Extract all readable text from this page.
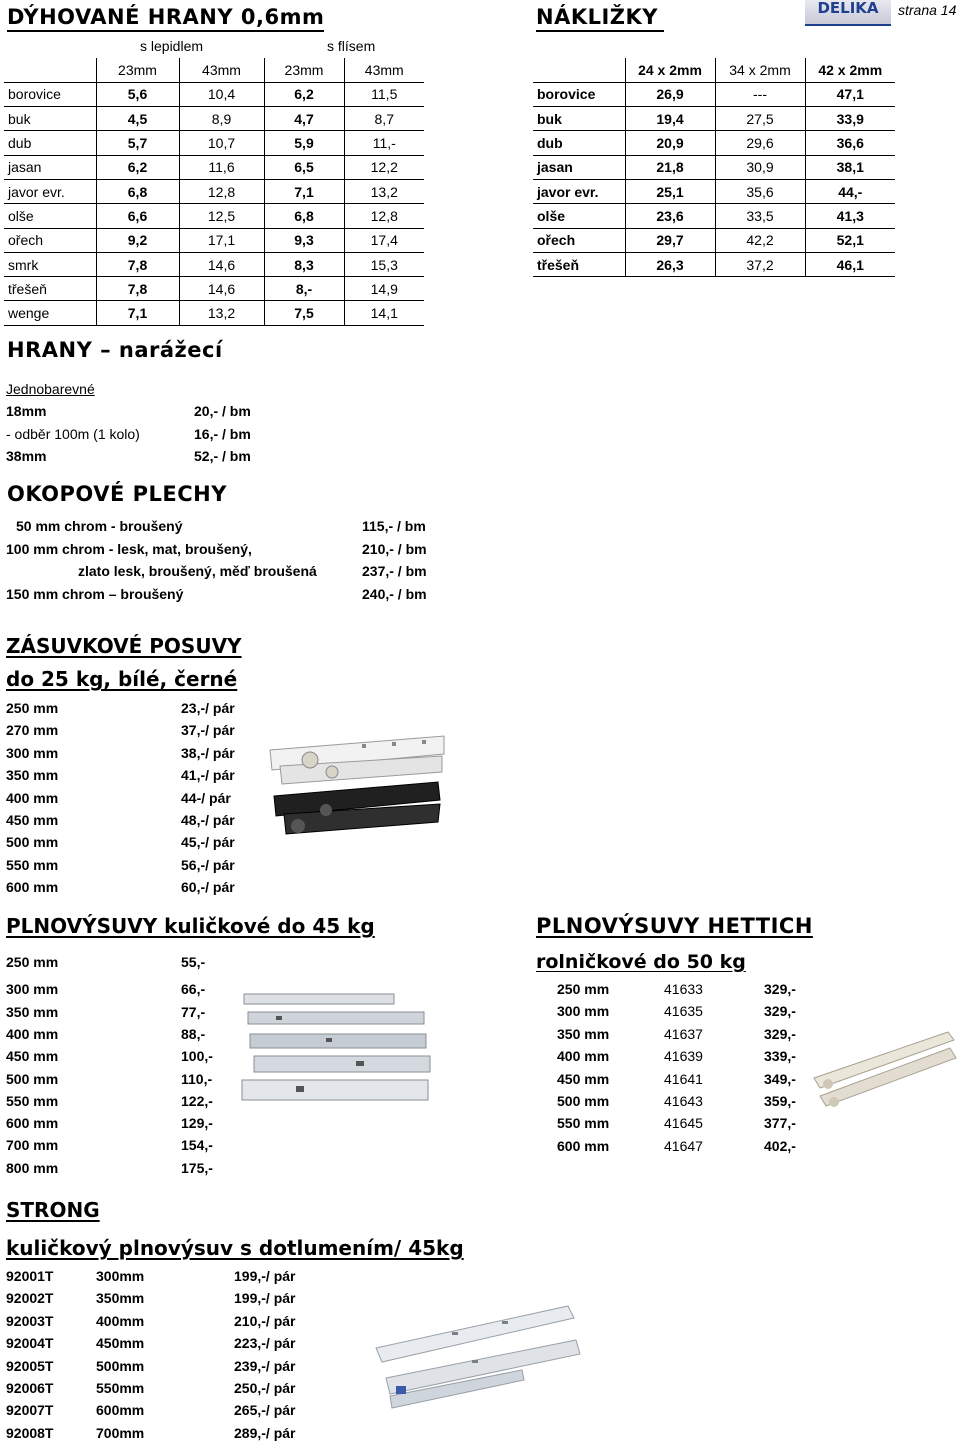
DÝHOVANÉ HRANY 0,6mm
s lepidlem	s flísem
	23mm	43mm	23mm	43mm
borovice	5,6	10,4	6,2	11,5
buk	4,5	8,9	4,7	8,7
dub	5,7	10,7	5,9	11,-
jasan	6,2	11,6	6,5	12,2
javor evr.	6,8	12,8	7,1	13,2
olše	6,6	12,5	6,8	12,8
ořech	9,2	17,1	9,3	17,4
smrk	7,8	14,6	8,3	15,3
třešeň	7,8	14,6	8,-	14,9
wenge	7,1	13,2	7,5	14,1
NÁKLIŽKY	DELIKA	strana 14
	24 x 2mm	34 x 2mm	42 x 2mm
borovice	26,9	---	47,1
buk	19,4	27,5	33,9
dub	20,9	29,6	36,6
jasan	21,8	30,9	38,1
javor evr.	25,1	35,6	44,-
olše	23,6	33,5	41,3
ořech	29,7	42,2	52,1
třešeň	26,3	37,2	46,1
HRANY – narážecí
Jednobarevné
18mm	20,- / bm
- odběr 100m (1 kolo)	16,- / bm
38mm	52,- / bm
OKOPOVÉ PLECHY
50 mm chrom - broušený	115,- / bm
100 mm chrom - lesk, mat, broušený,	210,- / bm
zlato lesk, broušený, měď broušená	237,- / bm
150 mm chrom – broušený	240,- / bm
ZÁSUVKOVÉ POSUVY
do 25 kg, bílé, černé
250 mm	23,-/ pár
270 mm	37,-/ pár
300 mm	38,-/ pár
350 mm	41,-/ pár
400 mm	44-/ pár
450 mm	48,-/ pár
500 mm	45,-/ pár
550 mm	56,-/ pár
600 mm	60,-/ pár
PLNOVÝSUVY kuličkové do 45 kg
250 mm	55,-
300 mm	66,-
350 mm	77,-
400 mm	88,-
450 mm	100,-
500 mm	110,-
550 mm	122,-
600 mm	129,-
700 mm	154,-
800 mm	175,-
PLNOVÝSUVY HETTICH
rolničkové do 50 kg
250 mm	41633	329,-
300 mm	41635	329,-
350 mm	41637	329,-
400 mm	41639	339,-
450 mm	41641	349,-
500 mm	41643	359,-
550 mm	41645	377,-
600 mm	41647	402,-
STRONG
kuličkový plnovýsuv s dotlumením/ 45kg
92001T	300mm	199,-/ pár
92002T	350mm	199,-/ pár
92003T	400mm	210,-/ pár
92004T	450mm	223,-/ pár
92005T	500mm	239,-/ pár
92006T	550mm	250,-/ pár
92007T	600mm	265,-/ pár
92008T	700mm	289,-/ pár
